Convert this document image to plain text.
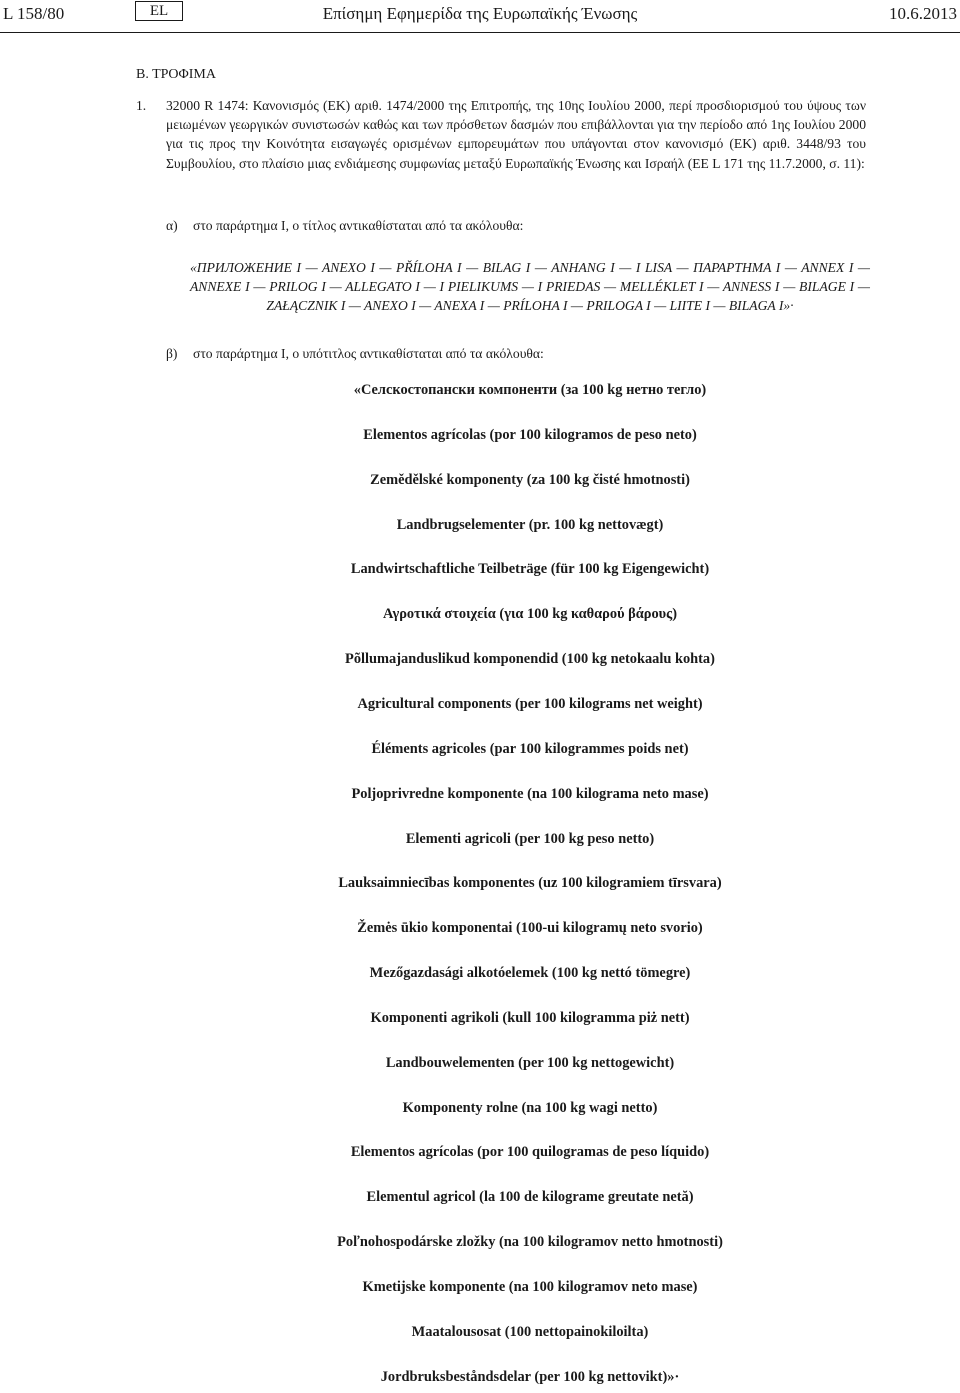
L 158/80	EL	Επίσημη Εφημερίδα της Ευρωπαϊκής Ένωσης	10.6.2013
Β. ΤΡΟΦΙΜΑ
1. 32000 R 1474: Κανονισμός (ΕΚ) αριθ. 1474/2000 της Επιτροπής, της 10ης Ιουλίου 2000, περί προσδιορισμού του ύψους των μειωμένων γεωργικών συνιστωσών καθώς και των πρόσθετων δασμών που επιβάλλονται για την περίοδο από 1ης Ιουλίου 2000 για τις προς την Κοινότητα εισαγωγές ορισμένων εμπορευμάτων που υπάγονται στον κανονισμό (ΕΚ) αριθ. 3448/93 του Συμβουλίου, στο πλαίσιο μιας ενδιάμεσης συμφωνίας μεταξύ Ευρωπαϊκής Ένωσης και Ισραήλ (ΕΕ L 171 της 11.7.2000, σ. 11):
α) στο παράρτημα Ι, ο τίτλος αντικαθίσταται από τα ακόλουθα:
«ПРИЛОЖЕНИЕ I — ANEXO I — PŘÍLOHA I — BILAG I — ANHANG I — I LISA — ΠΑΡΑΡΤΗΜΑ I — ANNEX I — ANNEXE I — PRILOG I — ALLEGATO I — I PIELIKUMS — I PRIEDAS — MELLÉKLET I — ANNESS I — BILAGE I — ZAŁĄCZNIK I — ANEXO I — ANEXA I — PRÍLOHA I — PRILOGA I — LIITE I — BILAGA I»·
β) στο παράρτημα Ι, ο υπότιτλος αντικαθίσταται από τα ακόλουθα:
«Селскостопански компоненти (за 100 kg нетно тегло)
Elementos agrícolas (por 100 kilogramos de peso neto)
Zemědělské komponenty (za 100 kg čisté hmotnosti)
Landbrugselementer (pr. 100 kg nettovægt)
Landwirtschaftliche Teilbeträge (für 100 kg Eigengewicht)
Αγροτικά στοιχεία (για 100 kg καθαρού βάρους)
Põllumajanduslikud komponendid (100 kg netokaalu kohta)
Agricultural components (per 100 kilograms net weight)
Éléments agricoles (par 100 kilogrammes poids net)
Poljoprivredne komponente (na 100 kilograma neto mase)
Elementi agricoli (per 100 kg peso netto)
Lauksaimniecības komponentes (uz 100 kilogramiem tīrsvara)
Žemės ūkio komponentai (100-ui kilogramų neto svorio)
Mezőgazdasági alkotóelemek (100 kg nettó tömegre)
Komponenti agrikoli (kull 100 kilogramma piż nett)
Landbouwelementen (per 100 kg nettogewicht)
Komponenty rolne (na 100 kg wagi netto)
Elementos agrícolas (por 100 quilogramas de peso líquido)
Elementul agricol (la 100 de kilograme greutate netă)
Poľnohospodárske zložky (na 100 kilogramov netto hmotnosti)
Kmetijske komponente (na 100 kilogramov neto mase)
Maatalousosat (100 nettopainokiloilta)
Jordbruksbeståndsdelar (per 100 kg nettovikt)»·
